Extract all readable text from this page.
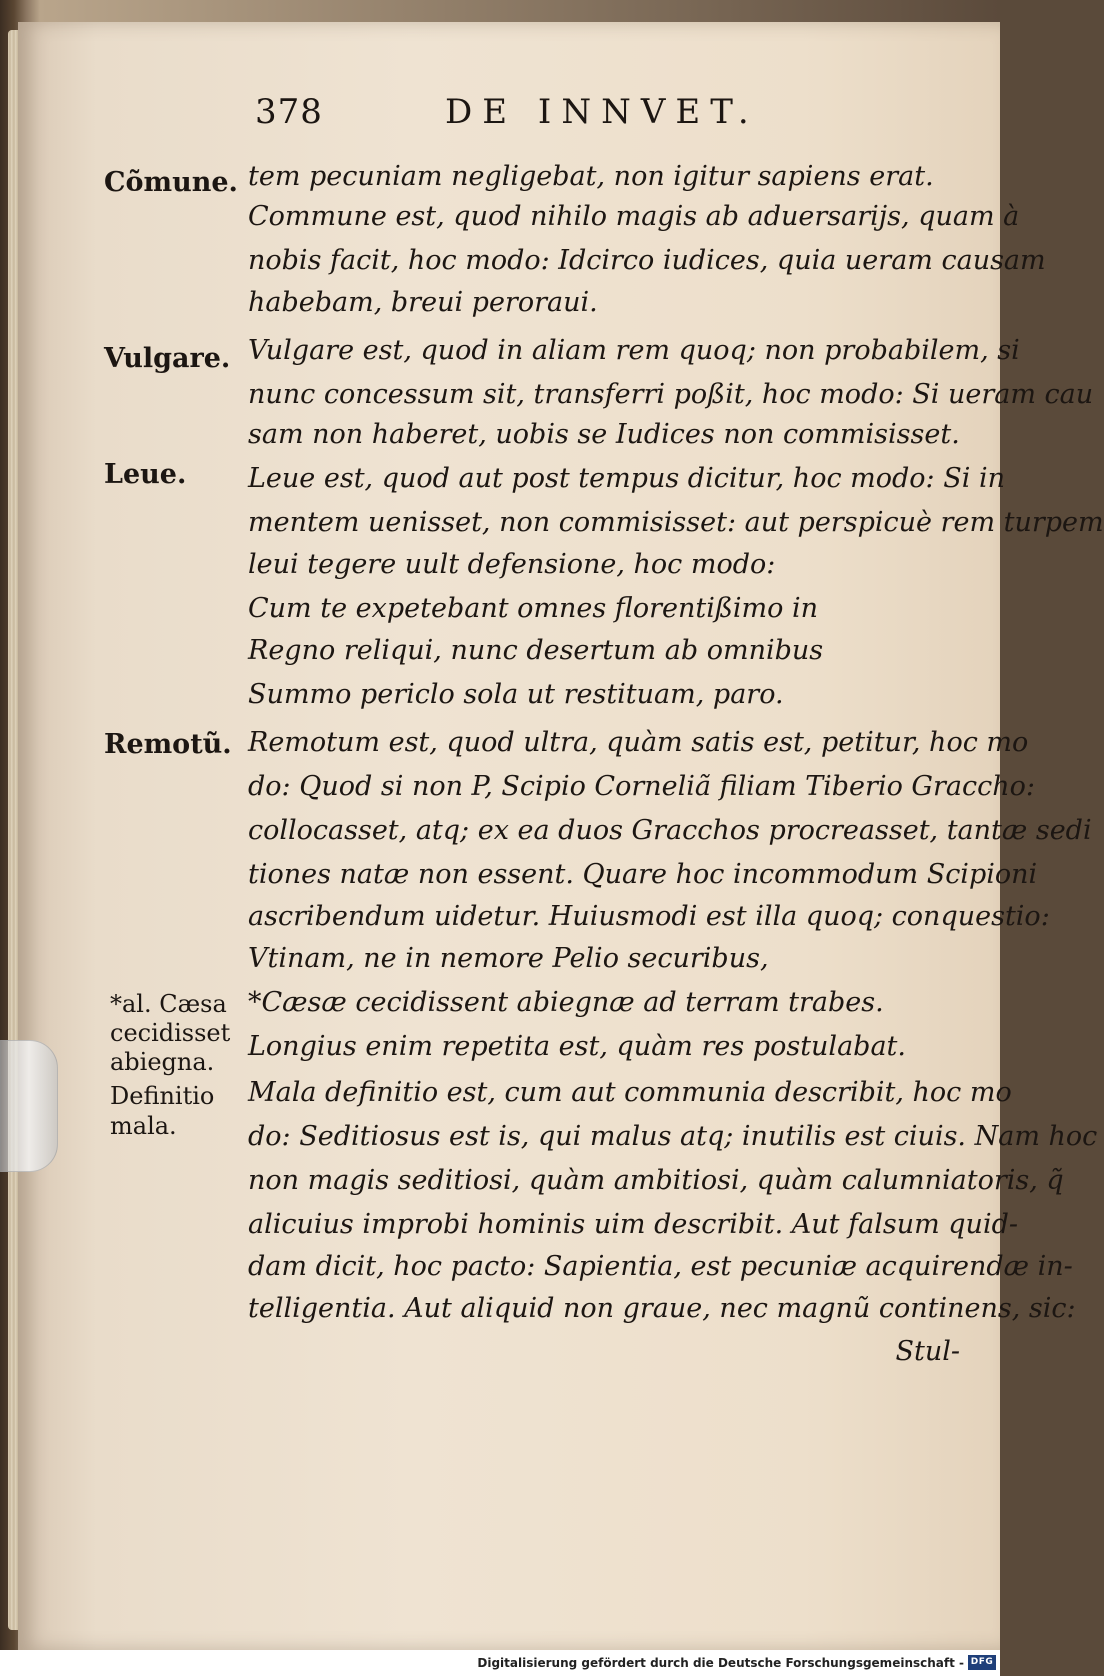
378	DE INNVET.
Cõmune.
Vulgare.
Leue.
Remotũ.
*al. Cæsa
cecidisset
abiegna.
Definitio
mala.
tem pecuniam negligebat, non igitur sapiens erat.
Commune est, quod nihilo magis ab aduersarijs, quam à
nobis facit, hoc modo: Idcirco iudices, quia ueram causam
habebam, breui peroraui.
Vulgare est, quod in aliam rem quoq; non probabilem, si
nunc concessum sit, transferri poßit, hoc modo: Si ueram cau
sam non haberet, uobis se Iudices non commisisset.
Leue est, quod aut post tempus dicitur, hoc modo: Si in
mentem uenisset, non commisisset: aut perspicuè rem turpem
leui tegere uult defensione, hoc modo:
Cum te expetebant omnes florentißimo in
Regno reliqui, nunc desertum ab omnibus
Summo periclo sola ut restituam, paro.
Remotum est, quod ultra, quàm satis est, petitur, hoc mo
do: Quod si non P, Scipio Corneliã filiam Tiberio Graccho:
collocasset, atq; ex ea duos Gracchos procreasset, tantæ sedi
tiones natæ non essent. Quare hoc incommodum Scipioni
ascribendum uidetur. Huiusmodi est illa quoq; conquestio:
Vtinam, ne in nemore Pelio securibus,
*Cæsæ cecidissent abiegnæ ad terram trabes.
Longius enim repetita est, quàm res postulabat.
Mala definitio est, cum aut communia describit, hoc mo
do: Seditiosus est is, qui malus atq; inutilis est ciuis. Nam hoc
non magis seditiosi, quàm ambitiosi, quàm calumniatoris, q̃
alicuius improbi hominis uim describit. Aut falsum quid-
dam dicit, hoc pacto: Sapientia, est pecuniæ acquirendæ in-
telligentia. Aut aliquid non graue, nec magnũ continens, sic:
Stul-
Digitalisierung gefördert durch die Deutsche Forschungsgemeinschaft - DFG
